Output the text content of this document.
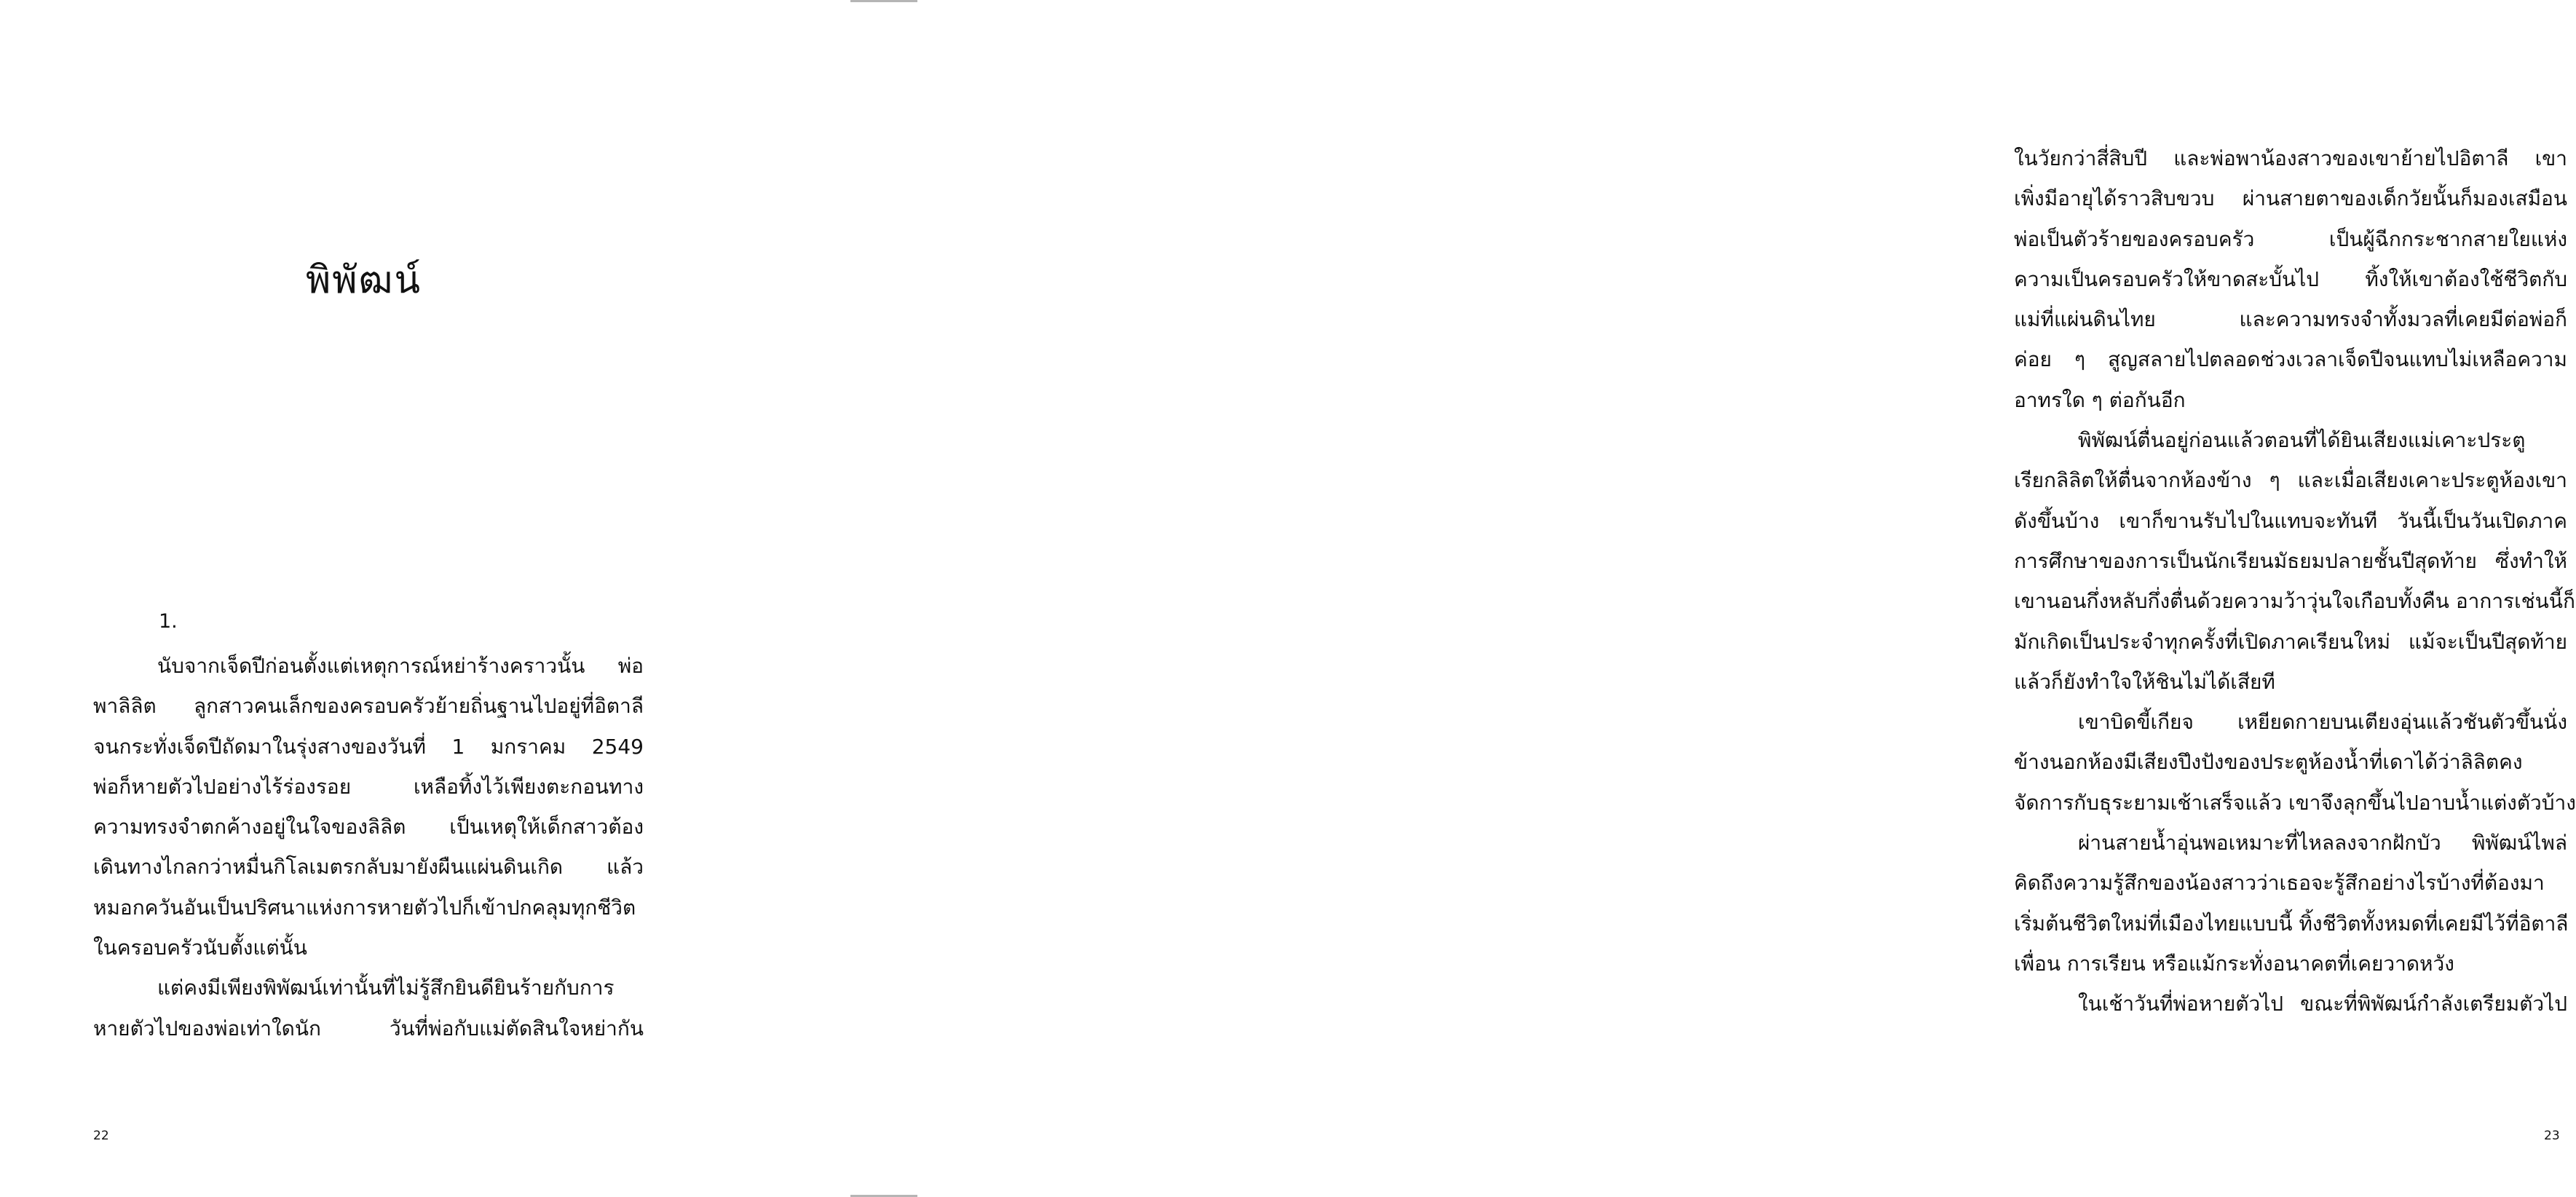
พิพัฒน์
1.
นับจากเจ็ดปีก่อนตั้งแต่เหตุการณ์หย่าร้างคราวนั้น พ่อ
พาลิลิต ลูกสาวคนเล็กของครอบครัวย้ายถิ่นฐานไปอยู่ที่อิตาลี
จนกระทั่งเจ็ดปีถัดมาในรุ่งสางของวันที่ 1 มกราคม 2549
พ่อก็หายตัวไปอย่างไร้ร่องรอย เหลือทิ้งไว้เพียงตะกอนทาง
ความทรงจำตกค้างอยู่ในใจของลิลิต เป็นเหตุให้เด็กสาวต้อง
เดินทางไกลกว่าหมื่นกิโลเมตรกลับมายังผืนแผ่นดินเกิด แล้ว
หมอกควันอันเป็นปริศนาแห่งการหายตัวไปก็เข้าปกคลุมทุกชีวิต
ในครอบครัวนับตั้งแต่นั้น
แต่คงมีเพียงพิพัฒน์เท่านั้นที่ไม่รู้สึกยินดียินร้ายกับการ
หายตัวไปของพ่อเท่าใดนัก วันที่พ่อกับแม่ตัดสินใจหย่ากัน
22
ในวัยกว่าสี่สิบปี และพ่อพาน้องสาวของเขาย้ายไปอิตาลี เขา
เพิ่งมีอายุได้ราวสิบขวบ ผ่านสายตาของเด็กวัยนั้นก็มองเสมือน
พ่อเป็นตัวร้ายของครอบครัว เป็นผู้ฉีกกระชากสายใยแห่ง
ความเป็นครอบครัวให้ขาดสะบั้นไป ทิ้งให้เขาต้องใช้ชีวิตกับ
แม่ที่แผ่นดินไทย และความทรงจำทั้งมวลที่เคยมีต่อพ่อก็
ค่อย ๆ สูญสลายไปตลอดช่วงเวลาเจ็ดปีจนแทบไม่เหลือความ
อาทรใด ๆ ต่อกันอีก
พิพัฒน์ตื่นอยู่ก่อนแล้วตอนที่ได้ยินเสียงแม่เคาะประตู
เรียกลิลิตให้ตื่นจากห้องข้าง ๆ และเมื่อเสียงเคาะประตูห้องเขา
ดังขึ้นบ้าง เขาก็ขานรับไปในแทบจะทันที วันนี้เป็นวันเปิดภาค
การศึกษาของการเป็นนักเรียนมัธยมปลายชั้นปีสุดท้าย ซึ่งทำให้
เขานอนกึ่งหลับกึ่งตื่นด้วยความว้าวุ่นใจเกือบทั้งคืน อาการเช่นนี้ก็
มักเกิดเป็นประจำทุกครั้งที่เปิดภาคเรียนใหม่ แม้จะเป็นปีสุดท้าย
แล้วก็ยังทำใจให้ชินไม่ได้เสียที
เขาบิดขี้เกียจ เหยียดกายบนเตียงอุ่นแล้วชันตัวขึ้นนั่ง
ข้างนอกห้องมีเสียงปึงปังของประตูห้องน้ำที่เดาได้ว่าลิลิตคง
จัดการกับธุระยามเช้าเสร็จแล้ว เขาจึงลุกขึ้นไปอาบน้ำแต่งตัวบ้าง
ผ่านสายน้ำอุ่นพอเหมาะที่ไหลลงจากฝักบัว พิพัฒน์ไพล่
คิดถึงความรู้สึกของน้องสาวว่าเธอจะรู้สึกอย่างไรบ้างที่ต้องมา
เริ่มต้นชีวิตใหม่ที่เมืองไทยแบบนี้ ทิ้งชีวิตทั้งหมดที่เคยมีไว้ที่อิตาลี
เพื่อน การเรียน หรือแม้กระทั่งอนาคตที่เคยวาดหวัง
ในเช้าวันที่พ่อหายตัวไป ขณะที่พิพัฒน์กำลังเตรียมตัวไป
23
